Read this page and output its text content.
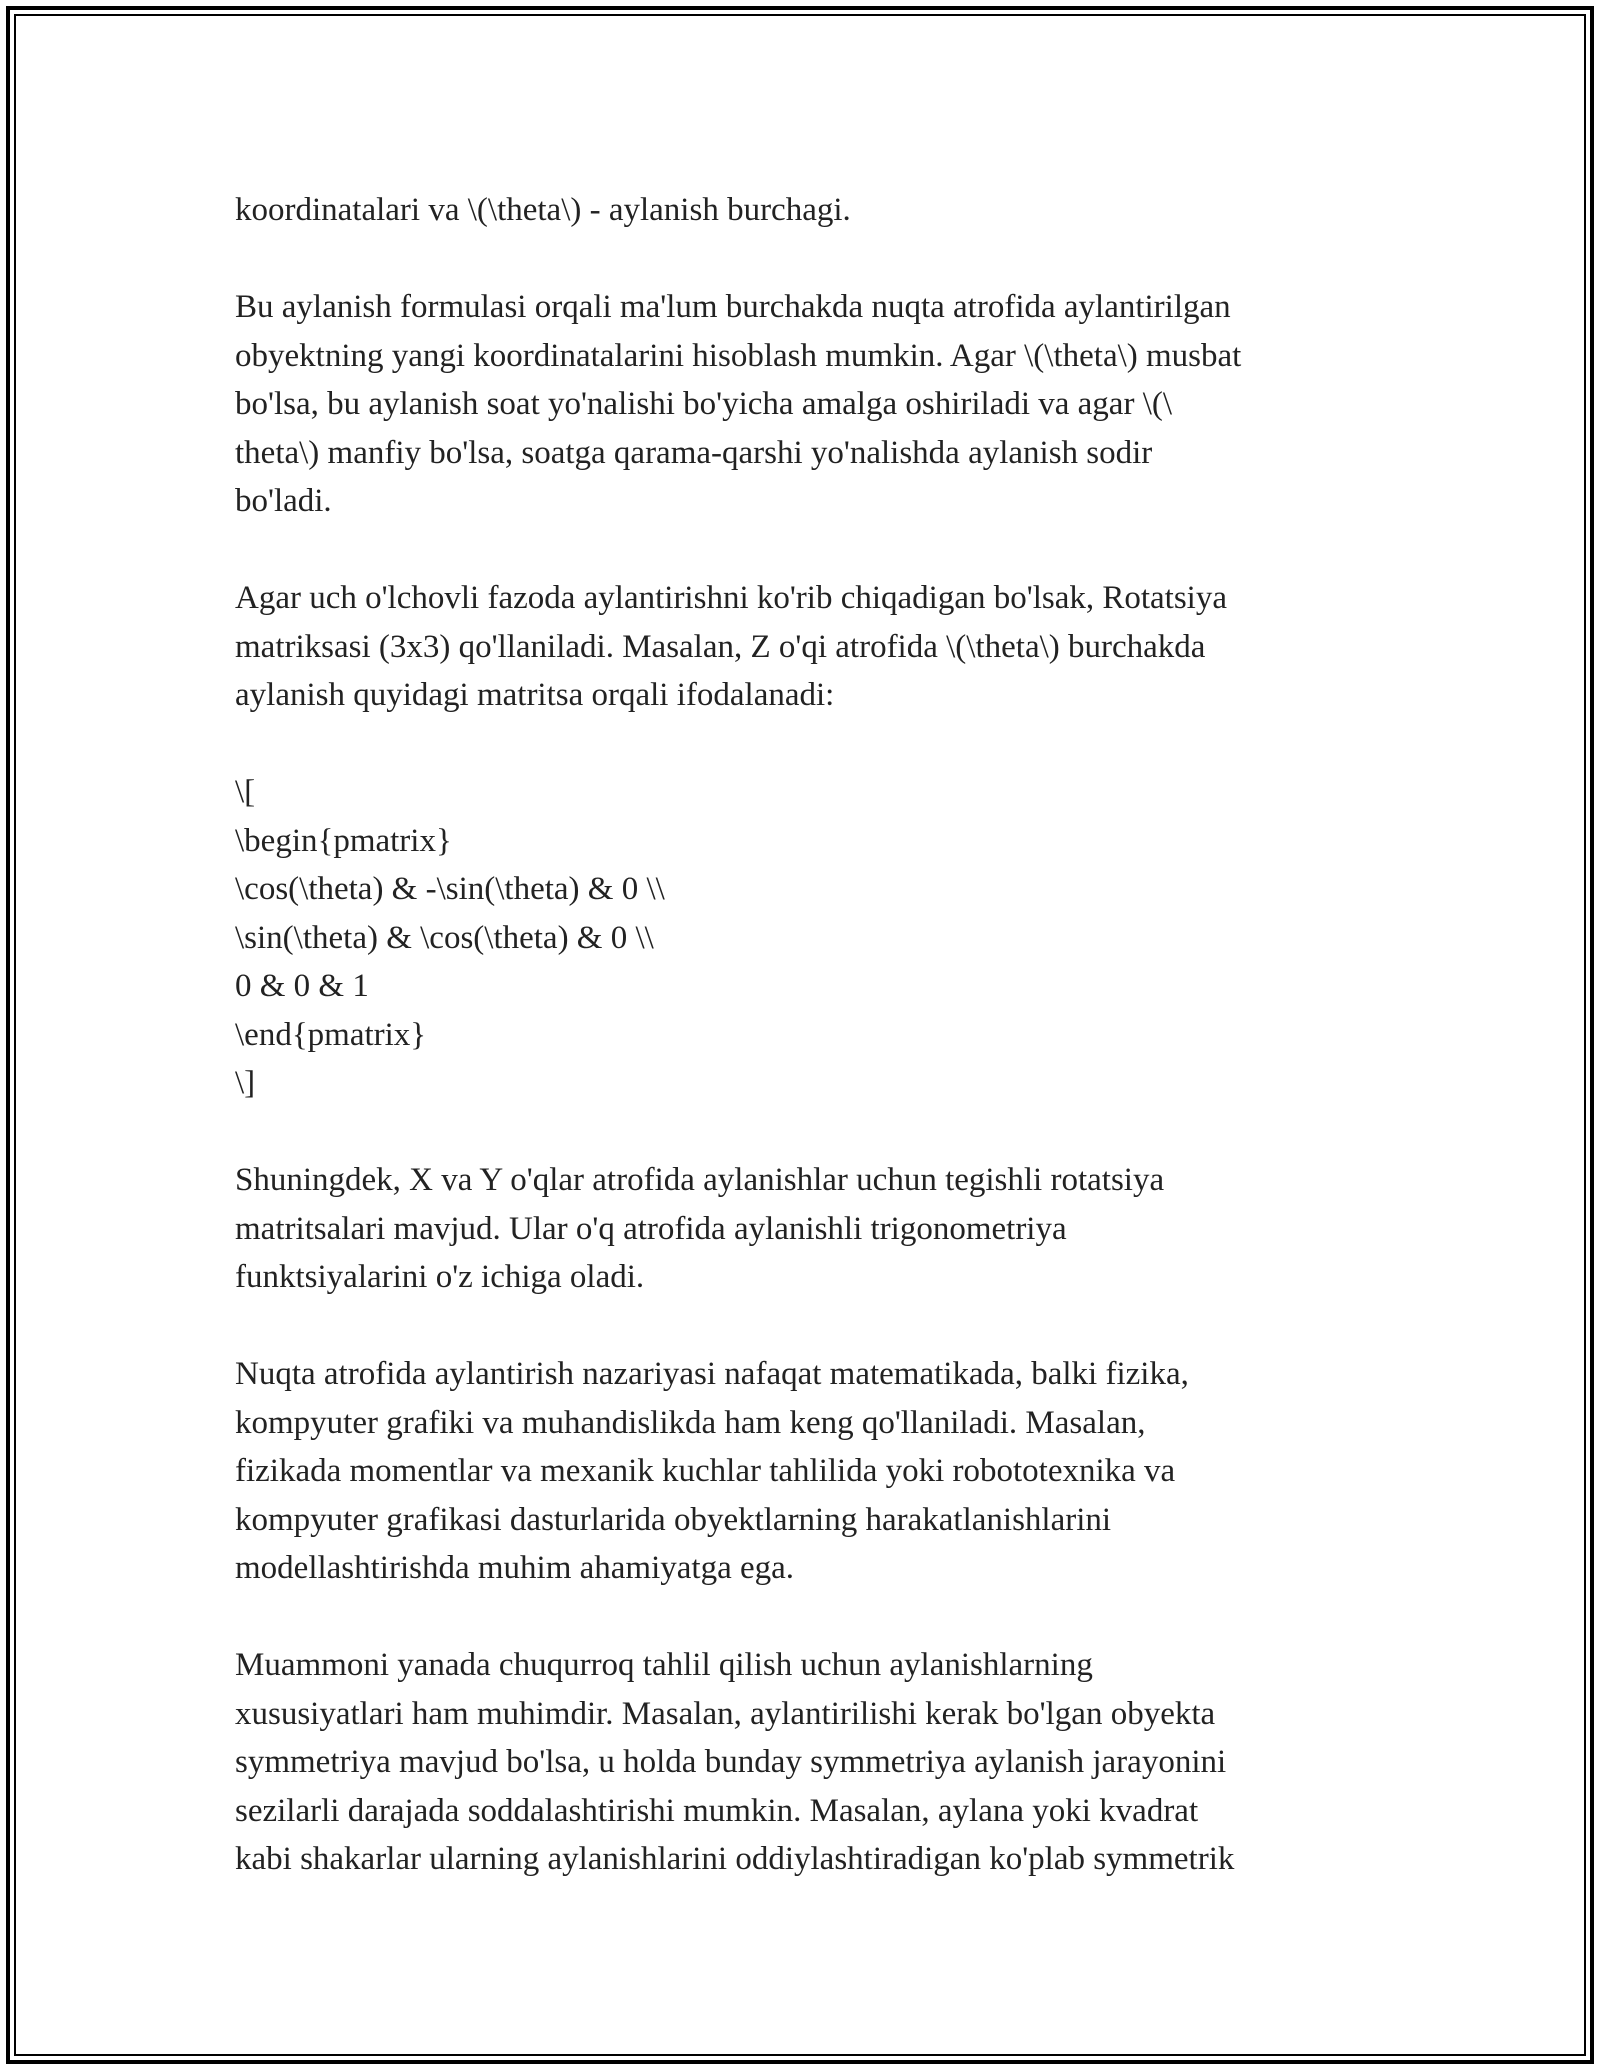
koordinatalari va \(\theta\) - aylanish burchagi.
Bu aylanish formulasi orqali ma'lum burchakda nuqta atrofida aylantirilgan
obyektning yangi koordinatalarini hisoblash mumkin. Agar \(\theta\) musbat
bo'lsa, bu aylanish soat yo'nalishi bo'yicha amalga oshiriladi va agar \(\
theta\) manfiy bo'lsa, soatga qarama-qarshi yo'nalishda aylanish sodir
bo'ladi.
Agar uch o'lchovli fazoda aylantirishni ko'rib chiqadigan bo'lsak, Rotatsiya
matriksasi (3x3) qo'llaniladi. Masalan, Z o'qi atrofida \(\theta\) burchakda
aylanish quyidagi matritsa orqali ifodalanadi:
\[
\begin{pmatrix}
\cos(\theta) & -\sin(\theta) & 0 \\
\sin(\theta) & \cos(\theta) & 0 \\
0 & 0 & 1
\end{pmatrix}
\]
Shuningdek, X va Y o'qlar atrofida aylanishlar uchun tegishli rotatsiya
matritsalari mavjud. Ular o'q atrofida aylanishli trigonometriya
funktsiyalarini o'z ichiga oladi.
Nuqta atrofida aylantirish nazariyasi nafaqat matematikada, balki fizika,
kompyuter grafiki va muhandislikda ham keng qo'llaniladi. Masalan,
fizikada momentlar va mexanik kuchlar tahlilida yoki robototexnika va
kompyuter grafikasi dasturlarida obyektlarning harakatlanishlarini
modellashtirishda muhim ahamiyatga ega.
Muammoni yanada chuqurroq tahlil qilish uchun aylanishlarning
xususiyatlari ham muhimdir. Masalan, aylantirilishi kerak bo'lgan obyekta
symmetriya mavjud bo'lsa, u holda bunday symmetriya aylanish jarayonini
sezilarli darajada soddalashtirishi mumkin. Masalan, aylana yoki kvadrat
kabi shakarlar ularning aylanishlarini oddiylashtiradigan ko'plab symmetrik
